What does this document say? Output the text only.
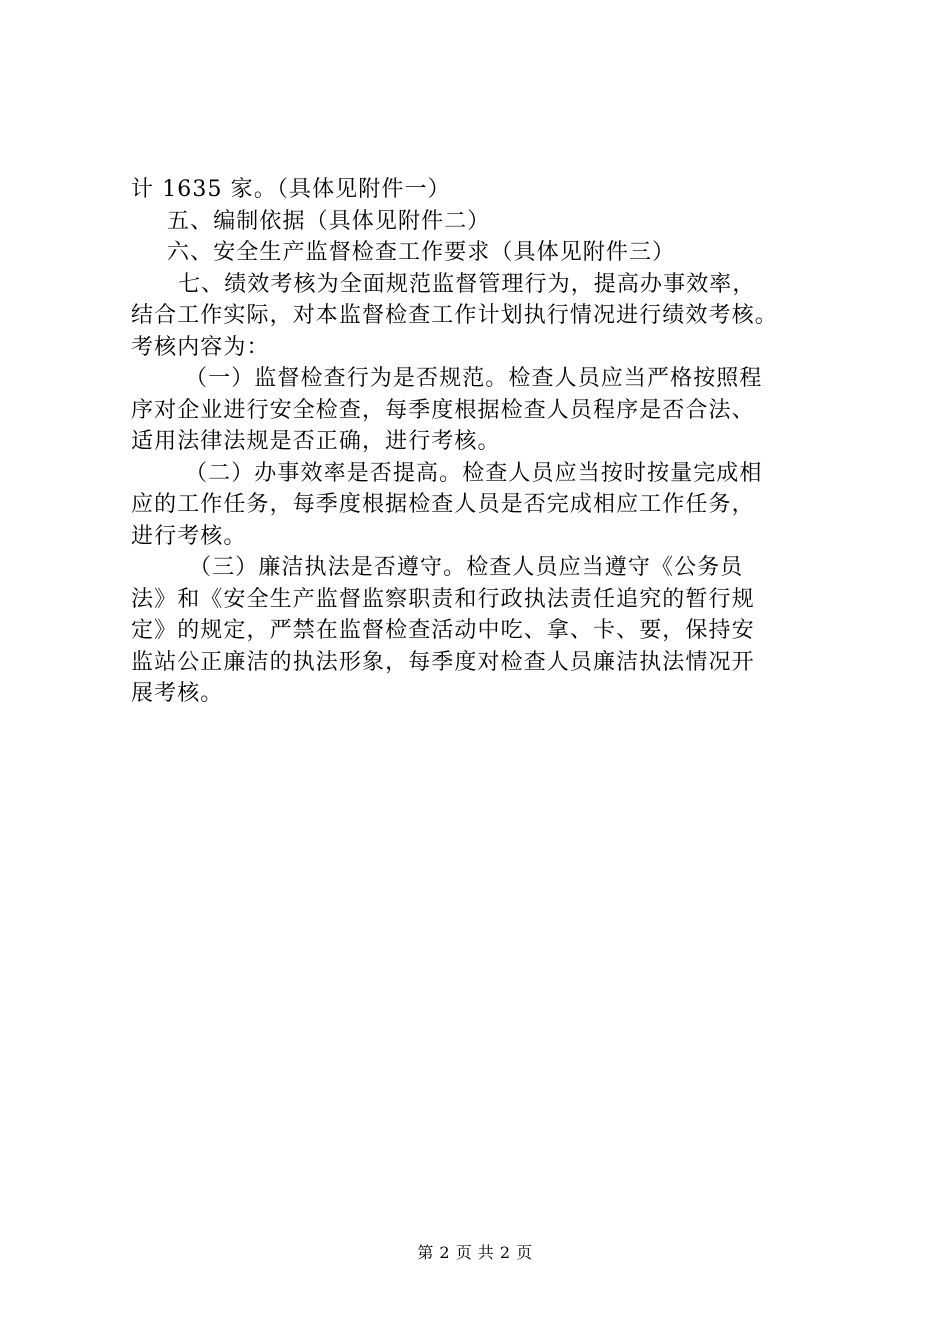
计 1635 家。（具体见附件一）
五、编制依据（具体见附件二）
六、安全生产监督检查工作要求（具体见附件三）
七、绩效考核为全面规范监督管理行为，提高办事效率，
结合工作实际，对本监督检查工作计划执行情况进行绩效考核。
考核内容为：
（一）监督检查行为是否规范。检查人员应当严格按照程
序对企业进行安全检查，每季度根据检查人员程序是否合法、
适用法律法规是否正确，进行考核。
（二）办事效率是否提高。检查人员应当按时按量完成相
应的工作任务，每季度根据检查人员是否完成相应工作任务，
进行考核。
（三）廉洁执法是否遵守。检查人员应当遵守《公务员
法》和《安全生产监督监察职责和行政执法责任追究的暂行规
定》的规定，严禁在监督检查活动中吃、拿、卡、要，保持安
监站公正廉洁的执法形象，每季度对检查人员廉洁执法情况开
展考核。
第 2 页 共 2 页
